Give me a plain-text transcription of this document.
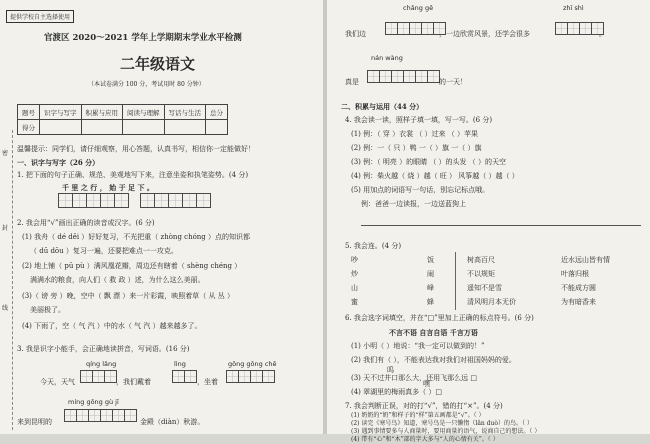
提供学校自主选择使用
官渡区 2020～2021 学年上学期期末学业水平检测
二年级语文
（本试卷满分 100 分，考试用时 80 分钟）
题号	识字与写字	积累与应用	阅读与理解	写话与生活	总分
得分					
密
封
线
温馨提示：同学们，请仔细观察，用心答题，认真书写，相信你一定能做好！
一、识字与写字（26 分）
1. 把下面的句子正确、规范、美观地写下来，注意坐姿和执笔姿势。(4 分)
千 里 之 行 ， 始 于 足 下 。
2. 我会用“√”画出正确的读音或汉字。(6 分)
(1) 我舟（ dé děi ）好好复习，不光把重（ zhòng chóng ）点的知识都
（ dū dōu ）复习一遍，还要把难点一一攻克。
(2) 地上铺（ pū pù ）满风凰花瓣，周边还有瞎着（ shèng chéng ）
满满水的粮食，向人们（ 救 政 ）述，为什么这么美丽。
(3)（ 谤 旁 ）晚，空中（ 飘 漂 ）来一片彩霞，映照着草（ 从 丛 ）
美丽极了。
(4) 下雨了，空（ 气 汽 ）中的水（ 气 汽 ）越来越多了。
3. 我是识字小能手，会正确地读拼音，写词语。(16 分)
qíng lǎng	lìng	gōng gōng chē
今天，天气	，我们戴着	，坐着
míng gōng gù jī
来到昆明的	金殿（diàn）秋游。
chǎng gē	zhī shì
我们边	，一边欣赏风景，还学会很多	。
nán wàng
真是	的一天！
二、积累与运用（44 分）
4. 我会读一读，照样子填一填，写一写。(6 分)
(1) 例：（ 穿 ）衣裳 （ ）过来 （ ）苹果
(2) 例：一（ 只 ）鸭 一（ ）旗 一（ ）旗
(3) 例：（ 明亮 ）的眼睛 （ ）的头发 （ ）的天空
(4) 例：柴火越（ 烧 ）越（ 旺 ） 风筝越（ ）越（ ）
(5) 用加点的词语写一句话，别忘记标点哦。
例：爸爸一边读报，一边送蓝狗上
5. 我会连。(4 分)
吵
炒
山
蜜
饭
闹
峰
蜂
树高百尺
不以规矩
遥知不是雪
清风明月本无价
近水远山皆有情
叶落归根
不能成方圆
为有暗香来
6. 我会选字词填空，并在“□”里加上正确的标点符号。(6 分)
不言不语 自言自语 千言万语
(1) 小明（ ）地说：“我一定可以做到的！”
(2) 我们有（ ），不能表达我对我们对祖国妈妈的爱。
呜
嘿
(3) 天不过井口那么大，还用飞那么远 □
(4) 翠湖里的梅雨真多（ ）□
7. 我会判断正误，对的打“√”，错的打“×”。(4 分)
(1) 奶奶的“奶”和样子的“样”第五画都是“√”。（ ）
(2) 读完《寒号鸟》知道，寒号鸟是一只懒惰（lǎn duò）的鸟。（ ）
(3) 遇到事情要多与人商量时，要用商量的语气，说商自己的想法。（ ）
(4) 带有“心”和“木”部的字大多与“人的心情有关”。（ ）
